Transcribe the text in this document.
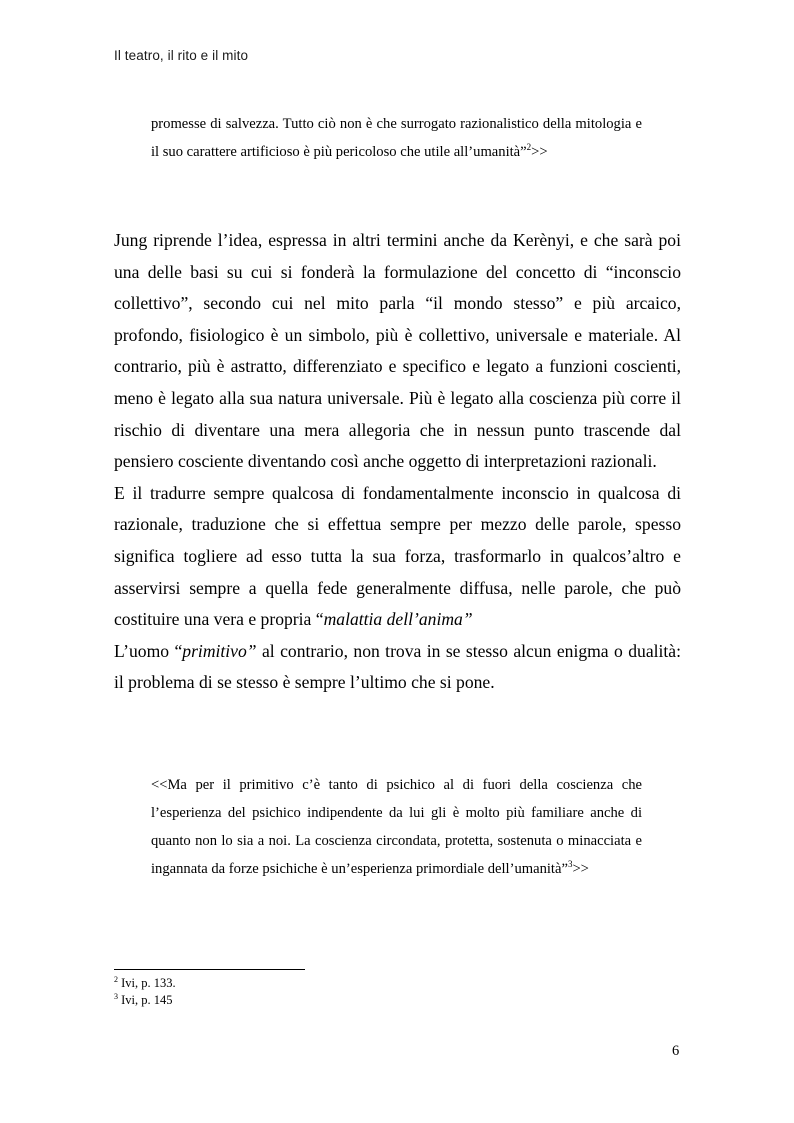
Il teatro, il rito e il mito
promesse di salvezza. Tutto ciò non è che surrogato razionalistico della mitologia e il suo carattere artificioso è più pericoloso che utile all’umanità”$^2$>>

Jung riprende l’idea, espressa in altri termini anche da Kerènyi, e che sarà poi una delle basi su cui si fonderà la formulazione del concetto di “inconscio collettivo”, secondo cui nel mito parla “il mondo stesso” e più arcaico, profondo, fisiologico è un simbolo, più è collettivo, universale e materiale. Al contrario, più è astratto, differenziato e specifico e legato a funzioni coscienti, meno è legato alla sua natura universale. Più è legato alla coscienza più corre il rischio di diventare una mera allegoria che in nessun punto trascende dal pensiero cosciente diventando così anche oggetto di interpretazioni razionali.

E il tradurre sempre qualcosa di fondamentalmente inconscio in qualcosa di razionale, traduzione che si effettua sempre per mezzo delle parole, spesso significa togliere ad esso tutta la sua forza, trasformarlo in qualcos’altro e asservirsi sempre a quella fede generalmente diffusa, nelle parole, che può costituire una vera e propria “malattia dell’anima”

L’uomo “primitivo” al contrario, non trova in se stesso alcun enigma o dualità: il problema di se stesso è sempre l’ultimo che si pone.

<<Ma per il primitivo c’è tanto di psichico al di fuori della coscienza che l’esperienza del psichico indipendente da lui gli è molto più familiare anche di quanto non lo sia a noi. La coscienza circondata, protetta, sostenuta o minacciata e ingannata da forze psichiche è un’esperienza primordiale dell’umanità”$^3$>>
$^2$ Ivi, p. 133.
$^3$ Ivi, p. 145
6
